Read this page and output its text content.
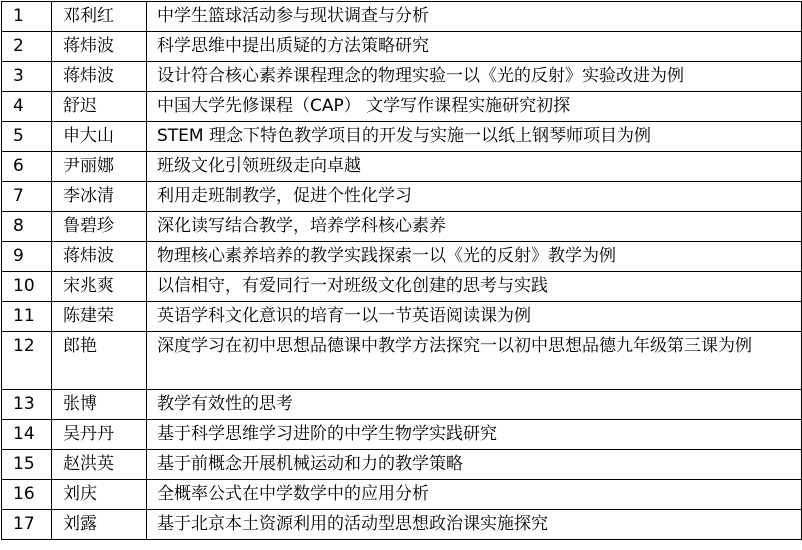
1	邓利红	中学生篮球活动参与现状调查与分析
2	蒋炜波	科学思维中提出质疑的方法策略研究
3	蒋炜波	设计符合核心素养课程理念的物理实验一以《光的反射》实验改进为例
4	舒迟	中国大学先修课程（CAP） 文学写作课程实施研究初探
5	申大山	STEM 理念下特色教学项目的开发与实施一以纸上钢琴师项目为例
6	尹丽娜	班级文化引领班级走向卓越
7	李冰清	利用走班制教学，促进个性化学习
8	鲁碧珍	深化读写结合教学，培养学科核心素养
9	蒋炜波	物理核心素养培养的教学实践探索一以《光的反射》教学为例
10	宋兆爽	以信相守，有爱同行一对班级文化创建的思考与实践
11	陈建荣	英语学科文化意识的培育一以一节英语阅读课为例
12	郎艳	深度学习在初中思想品德课中教学方法探究一以初中思想品德九年级第三课为例
13	张博	教学有效性的思考
14	吴丹丹	基于科学思维学习进阶的中学生物学实践研究
15	赵洪英	基于前概念开展机械运动和力的教学策略
16	刘庆	全概率公式在中学数学中的应用分析
17	刘露	基于北京本土资源利用的活动型思想政治课实施探究
